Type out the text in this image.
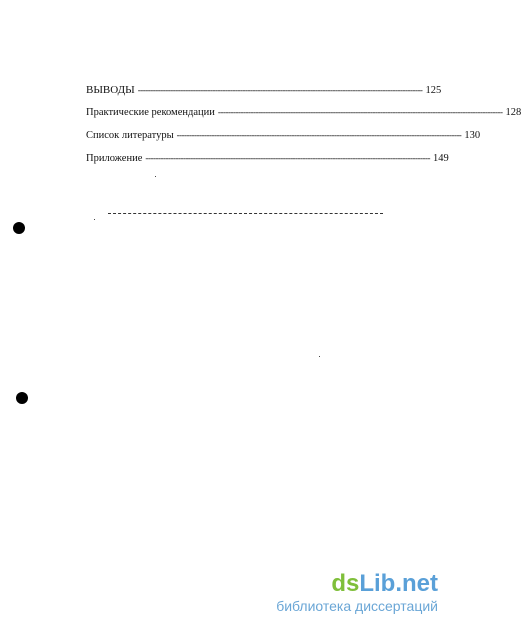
ВЫВОДЫ ------------------------------------------------------------------------------------------------------------------ 125
Практические рекомендации ------------------------------------------------------------------------------------------------------------------ 128
Список литературы ------------------------------------------------------------------------------------------------------------------ 130
Приложение ------------------------------------------------------------------------------------------------------------------ 149
dsLib.net
библиотека диссертаций
